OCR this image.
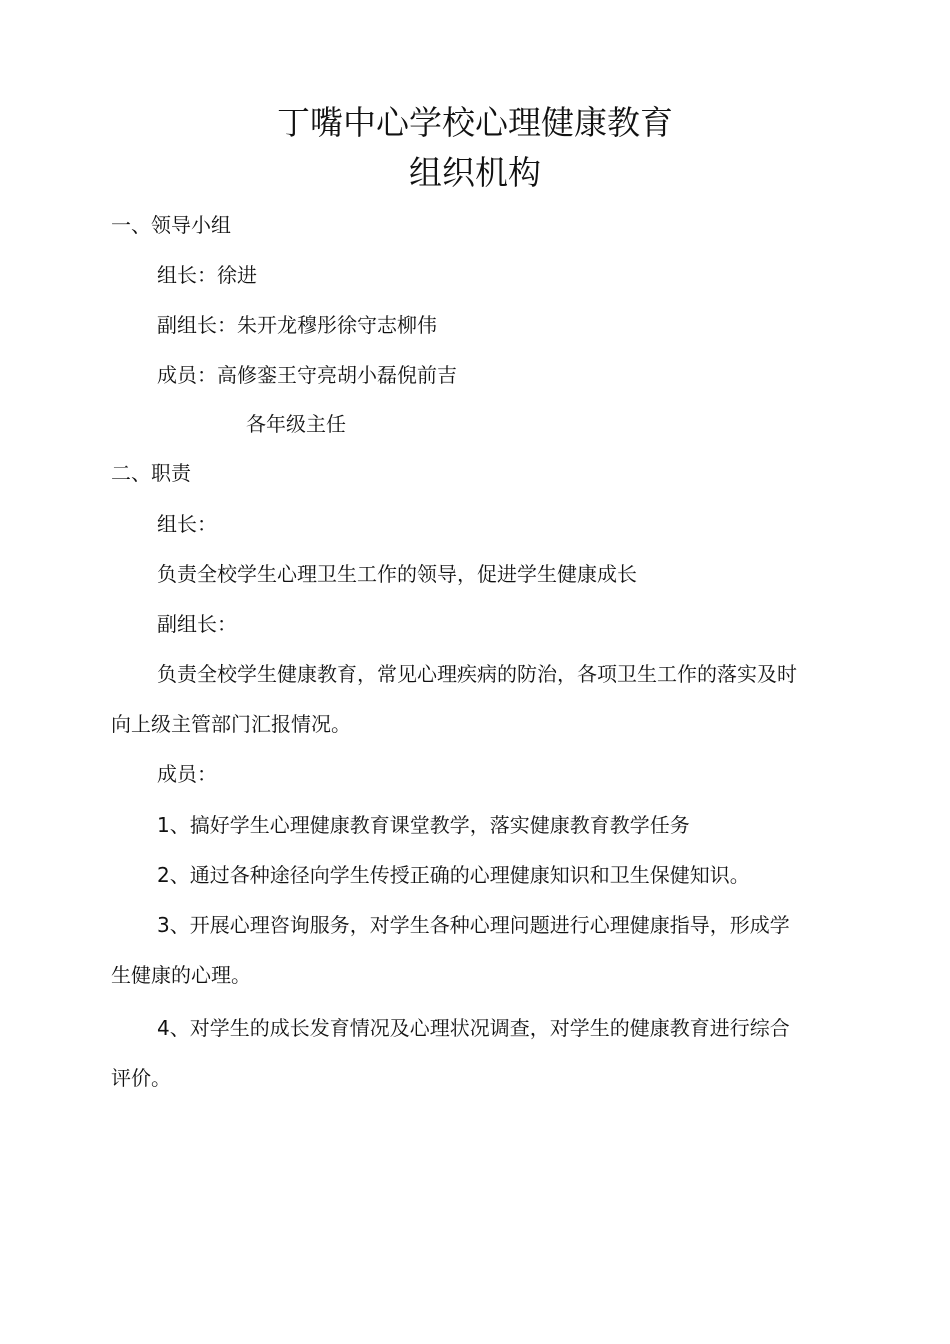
丁嘴中心学校心理健康教育
组织机构

一、领导小组

组长：徐进

副组长：朱开龙穆彤徐守志柳伟

成员：高修銮王守亮胡小磊倪前吉

各年级主任

二、职责

组长：

负责全校学生心理卫生工作的领导，促进学生健康成长

副组长：

负责全校学生健康教育，常见心理疾病的防治，各项卫生工作的落实及时

向上级主管部门汇报情况。

成员：

1、搞好学生心理健康教育课堂教学，落实健康教育教学任务

2、通过各种途径向学生传授正确的心理健康知识和卫生保健知识。

3、开展心理咨询服务，对学生各种心理问题进行心理健康指导，形成学

生健康的心理。

4、对学生的成长发育情况及心理状况调查，对学生的健康教育进行综合

评价。
